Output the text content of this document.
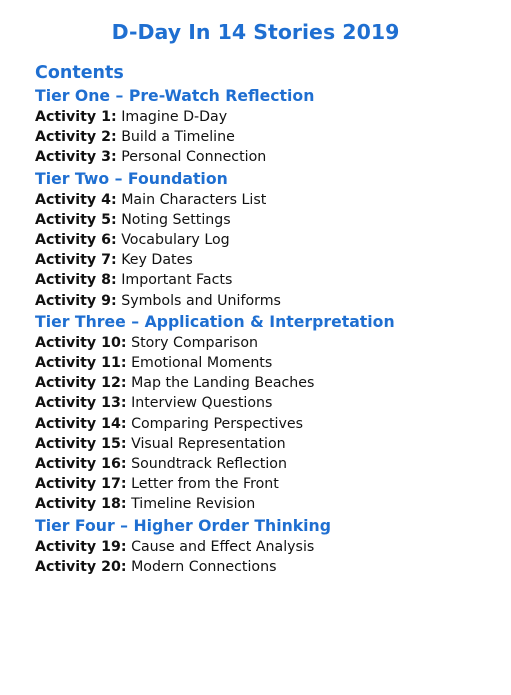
D-Day In 14 Stories 2019
Contents
Tier One – Pre-Watch Reflection
Activity 1: Imagine D-Day
Activity 2: Build a Timeline
Activity 3: Personal Connection
Tier Two – Foundation
Activity 4: Main Characters List
Activity 5: Noting Settings
Activity 6: Vocabulary Log
Activity 7: Key Dates
Activity 8: Important Facts
Activity 9: Symbols and Uniforms
Tier Three – Application & Interpretation
Activity 10: Story Comparison
Activity 11: Emotional Moments
Activity 12: Map the Landing Beaches
Activity 13: Interview Questions
Activity 14: Comparing Perspectives
Activity 15: Visual Representation
Activity 16: Soundtrack Reflection
Activity 17: Letter from the Front
Activity 18: Timeline Revision
Tier Four – Higher Order Thinking
Activity 19: Cause and Effect Analysis
Activity 20: Modern Connections
